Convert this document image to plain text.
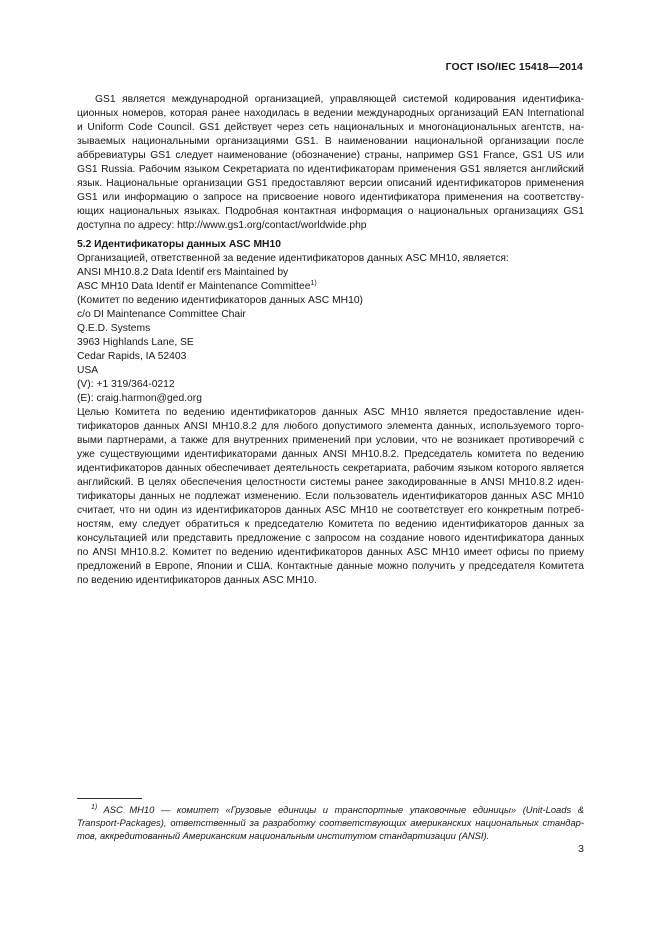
ГОСТ ISO/IEC 15418—2014
GS1 является международной организацией, управляющей системой кодирования идентифика-
ционных номеров, которая ранее находилась в ведении международных организаций EAN International
и Uniform Code Council. GS1 действует через сеть национальных и многонациональных агентств, на-
зываемых национальными организациями GS1. В наименовании национальной организации после
аббревиатуры GS1 следует наименование (обозначение) страны, например GS1 France, GS1 US или
GS1 Russia. Рабочим языком Секретариата по идентификаторам применения GS1 является английский
язык. Национальные организации GS1 предоставляют версии описаний идентификаторов применения
GS1 или информацию о запросе на присвоение нового идентификатора применения на соответству-
ющих национальных языках. Подробная контактная информация о национальных организациях GS1
доступна по адресу: http://www.gs1.org/contact/worldwide.php
5.2 Идентификаторы данных ASC MH10
Организацией, ответственной за ведение идентификаторов данных ASC MH10, является:
ANSI MH10.8.2 Data Identif ers Maintained by
ASC MH10 Data Identif er Maintenance Committee$^{1)}$
(Комитет по ведению идентификаторов данных ASC MH10)
c/o DI Maintenance Committee Chair
Q.E.D. Systems
3963 Highlands Lane, SE
Cedar Rapids, IA 52403
USA
(V): +1 319/364-0212
(E): craig.harmon@ged.org
Целью Комитета по ведению идентификаторов данных ASC MH10 является предоставление иден-
тификаторов данных ANSI MH10.8.2 для любого допустимого элемента данных, используемого торго-
выми партнерами, а также для внутренних применений при условии, что не возникает противоречий с
уже существующими идентификаторами данных ANSI MH10.8.2. Председатель комитета по ведению
идентификаторов данных обеспечивает деятельность секретариата, рабочим языком которого является
английский. В целях обеспечения целостности системы ранее закодированные в ANSI MH10.8.2 иден-
тификаторы данных не подлежат изменению. Если пользователь идентификаторов данных ASC MH10
считает, что ни один из идентификаторов данных ASC MH10 не соответствует его конкретным потреб-
ностям, ему следует обратиться к председателю Комитета по ведению идентификаторов данных за
консультацией или представить предложение с запросом на создание нового идентификатора данных
по ANSI MH10.8.2. Комитет по ведению идентификаторов данных ASC MH10 имеет офисы по приему
предложений в Европе, Японии и США. Контактные данные можно получить у председателя Комитета
по ведению идентификаторов данных ASC MH10.
$^{1)}$ ASC MH10 — комитет «Грузовые единицы и транспортные упаковочные единицы» (Unit-Loads &
Transport-Packages), ответственный за разработку соответствующих американских национальных стандар-
тов, аккредитованный Американским национальным институтом стандартизации (ANSI).
3
